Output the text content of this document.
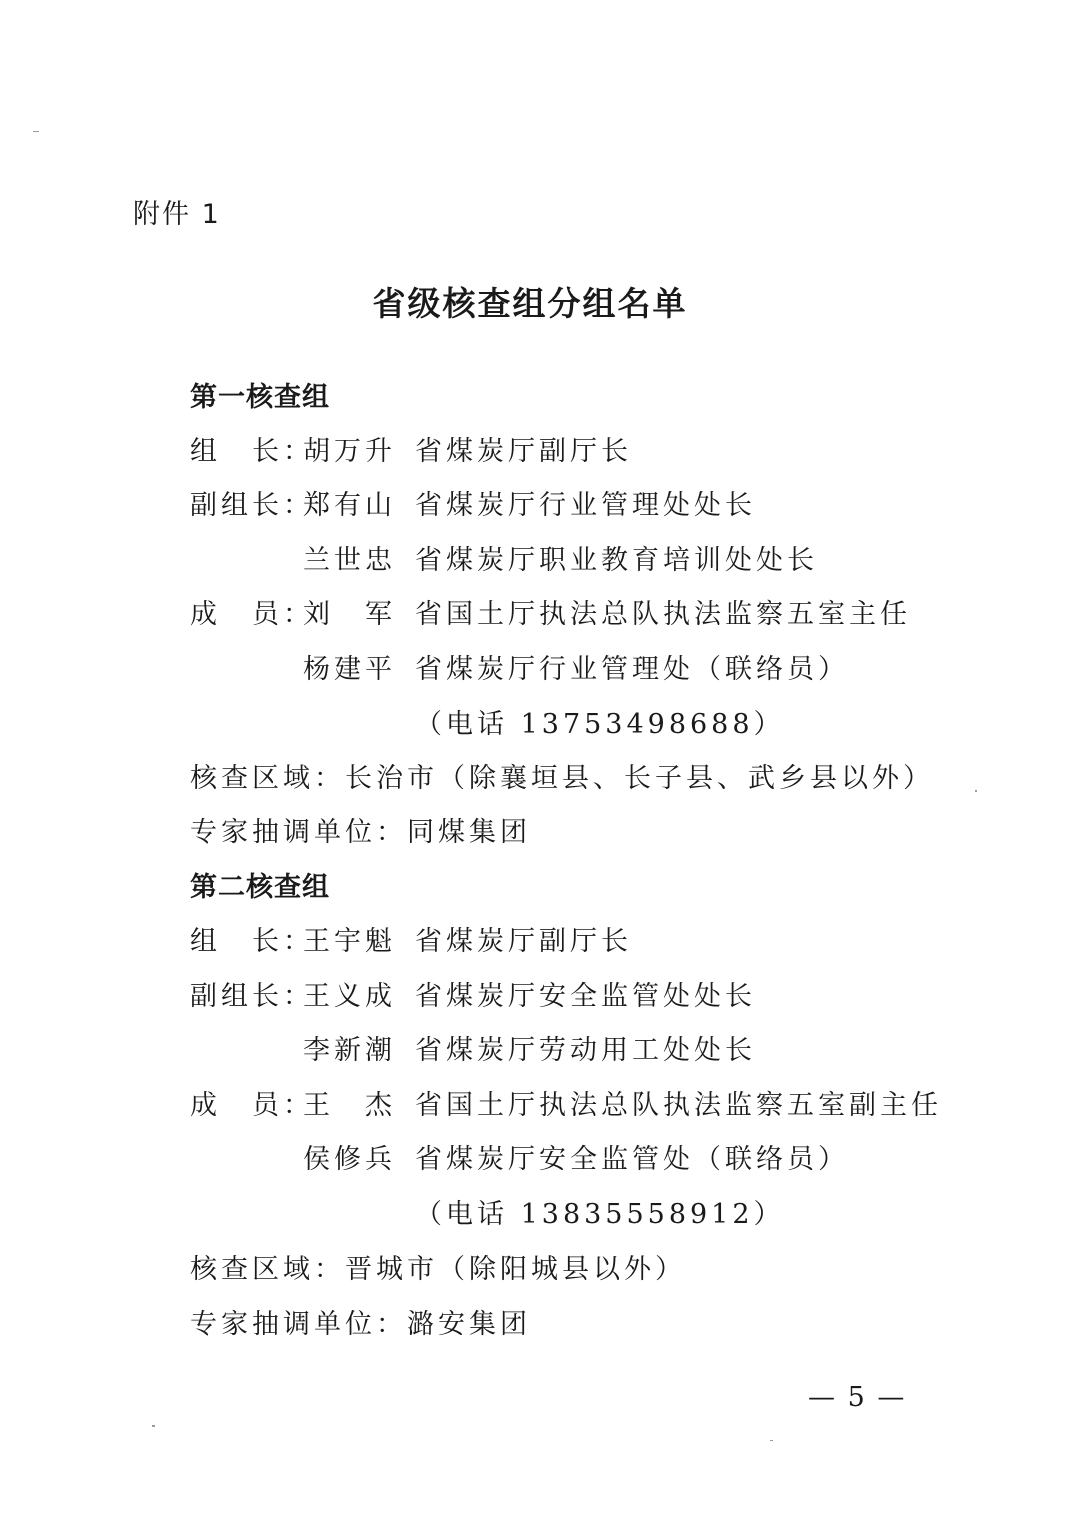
附件 1
省级核查组分组名单
第一核查组
组　长：
胡万升 省煤炭厅副厅长
副组长：
郑有山 省煤炭厅行业管理处处长
兰世忠 省煤炭厅职业教育培训处处长
成　员：
刘　军 省国土厅执法总队执法监察五室主任
杨建平 省煤炭厅行业管理处（联络员）
（电话 13753498688）
核查区域：长治市（除襄垣县、长子县、武乡县以外）
专家抽调单位：同煤集团
第二核查组
组　长：
王宇魁 省煤炭厅副厅长
副组长：
王义成 省煤炭厅安全监管处处长
李新潮 省煤炭厅劳动用工处处长
成　员：
王　杰 省国土厅执法总队执法监察五室副主任
侯修兵 省煤炭厅安全监管处（联络员）
（电话 13835558912）
核查区域：晋城市（除阳城县以外）
专家抽调单位：潞安集团
— 5 —
